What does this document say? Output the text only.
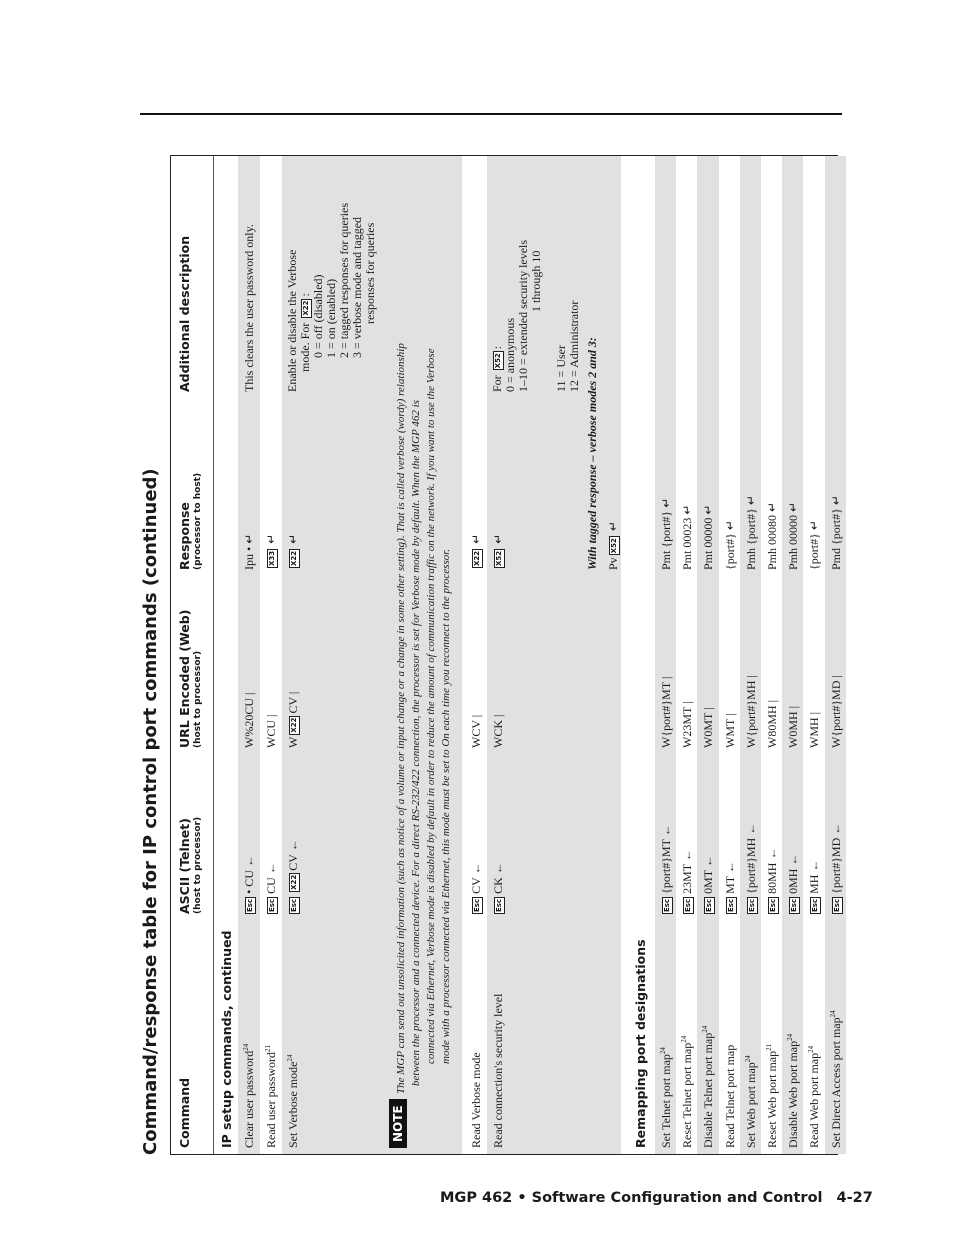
Command/response table for IP control port commands (continued)	Command
ASCII (Telnet) (host to processor)
URL Encoded (Web) (host to processor)
Response (processor to host)
Additional description
IP setup commands, continued Clear user password$^{24}$
Esc• CU ←
W%20CU |
Ipu • ↵
This clears the user password only.
Read user password$^{21}$
EscCU ←
WCU |
X33 ↵
Set Verbose mode$^{24}$
EscX22CV ←
WX22CV |
X22 ↵
Enable or disable the Verbose mode. For X22: 0 = off (disabled) 1 = on (enabled) 2 = tagged responses for queries 3 = verbose mode and tagged responses for queries
NOTE

The MGP can send out unsolicited information (such as notice of a volume or input change or a change in some other setting). That is called verbose (wordy) relationship between the processor and a connected device. For a direct RS-232/422 connection, the processor is set for Verbose mode by default. When the MGP 462 is connected via Ethernet, Verbose mode is disabled by default in order to reduce the amount of communication traffic on the network. If you want to use the Verbose mode with a processor connected via Ethernet, this mode must be set to On each time you reconnect to the processor.

Read Verbose mode
EscCV ←
WCV |
X22 ↵
Read connection's security level
EscCK ←
WCK |
X52 ↵
For X52: 0 = anonymous 1–10 = extended security levels 1 through 10
11 = User 12 = Administrator With tagged response – verbose modes 2 and 3: PvX52 ↵
Remapping port designations Set Telnet port map$^{24}$
Esc{port#}MT ←
W{port#}MT |
Pmt {port#} ↵
Reset Telnet port map$^{24}$
Esc23MT ←
W23MT |
Pmt 00023 ↵
Disable Telnet port map$^{24}$
Esc0MT ←
W0MT |
Pmt 00000 ↵
Read Telnet port map
EscMT ←
WMT |
{port#} ↵
Set Web port map$^{24}$
Esc{port#}MH ←
W{port#}MH |
Pmh {port#} ↵
Reset Web port map$^{21}$
Esc80MH ←
W80MH |
Pmh 00080 ↵
Disable Web port map$^{24}$
Esc0MH ←
W0MH |
Pmh 00000 ↵
Read Web port map$^{24}$
EscMH ←
WMH |
{port#} ↵
Set Direct Access port map$^{24}$
Esc{port#}MD ←
W{port#}MD |
Pmd {port#} ↵
MGP 462 • Software Configuration and Control 4-27
